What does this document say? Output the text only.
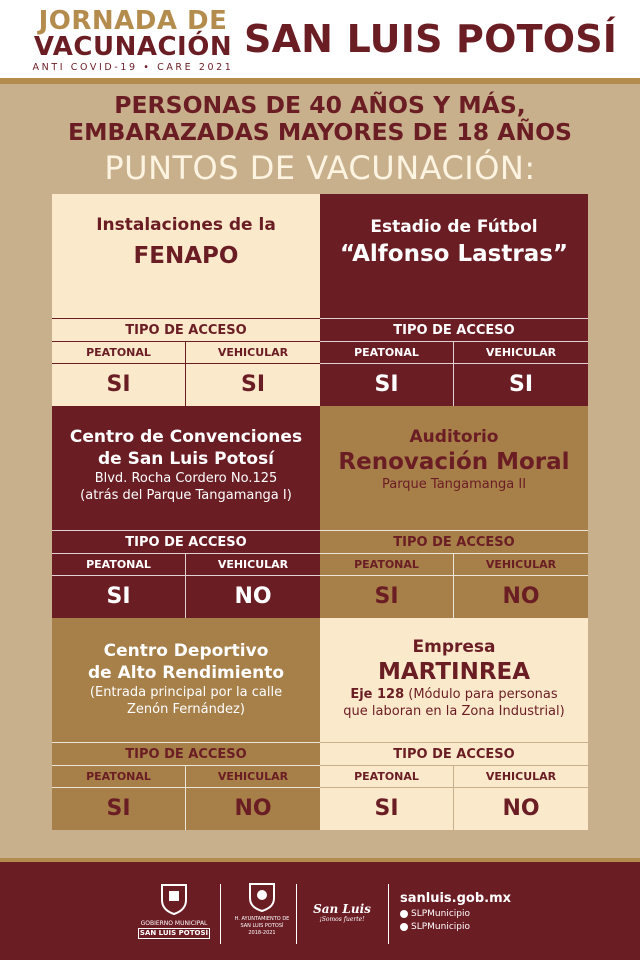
JORNADA DE
VACUNACIÓN
ANTI COVID-19 • CARE 2021
SAN LUIS POTOSÍ
PERSONAS DE 40 AÑOS Y MÁS,
EMBARAZADAS MAYORES DE 18 AÑOS
PUNTOS DE VACUNACIÓN:
Instalaciones de la
FENAPO
TIPO DE ACCESO
PEATONAL	VEHICULAR
SI	SI
Estadio de Fútbol
“Alfonso Lastras”
TIPO DE ACCESO
PEATONAL	VEHICULAR
SI	SI
Centro de Convenciones
de San Luis Potosí
Blvd. Rocha Cordero No.125
(atrás del Parque Tangamanga I)
TIPO DE ACCESO
PEATONAL	VEHICULAR
SI	NO
Auditorio
Renovación Moral
Parque Tangamanga II
TIPO DE ACCESO
PEATONAL	VEHICULAR
SI	NO
Centro Deportivo
de Alto Rendimiento
(Entrada principal por la calle
Zenón Fernández)
TIPO DE ACCESO
PEATONAL	VEHICULAR
SI	NO
Empresa
MARTINREA
Eje 128 (Módulo para personas
que laboran en la Zona Industrial)
TIPO DE ACCESO
PEATONAL	VEHICULAR
SI	NO
GOBIERNO MUNICIPAL
SAN LUIS POTOSÍ
H. AYUNTAMIENTO DE
SAN LUIS POTOSÍ
2018-2021
San Luis
¡Somos fuerte!
sanluis.gob.mx
SLPMunicipio
SLPMunicipio
